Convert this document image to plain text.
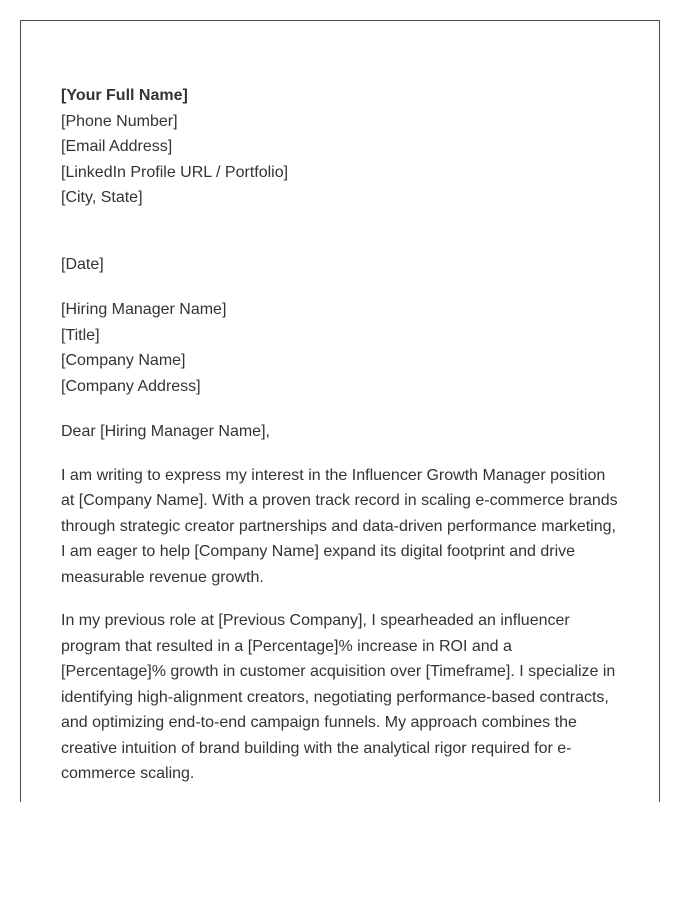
[Your Full Name]
[Phone Number]
[Email Address]
[LinkedIn Profile URL / Portfolio]
[City, State]
[Date]
[Hiring Manager Name]
[Title]
[Company Name]
[Company Address]
Dear [Hiring Manager Name],
I am writing to express my interest in the Influencer Growth Manager position
at [Company Name]. With a proven track record in scaling e-commerce brands
through strategic creator partnerships and data-driven performance marketing,
I am eager to help [Company Name] expand its digital footprint and drive
measurable revenue growth.
In my previous role at [Previous Company], I spearheaded an influencer
program that resulted in a [Percentage]% increase in ROI and a
[Percentage]% growth in customer acquisition over [Timeframe]. I specialize in
identifying high-alignment creators, negotiating performance-based contracts,
and optimizing end-to-end campaign funnels. My approach combines the
creative intuition of brand building with the analytical rigor required for e-
commerce scaling.
